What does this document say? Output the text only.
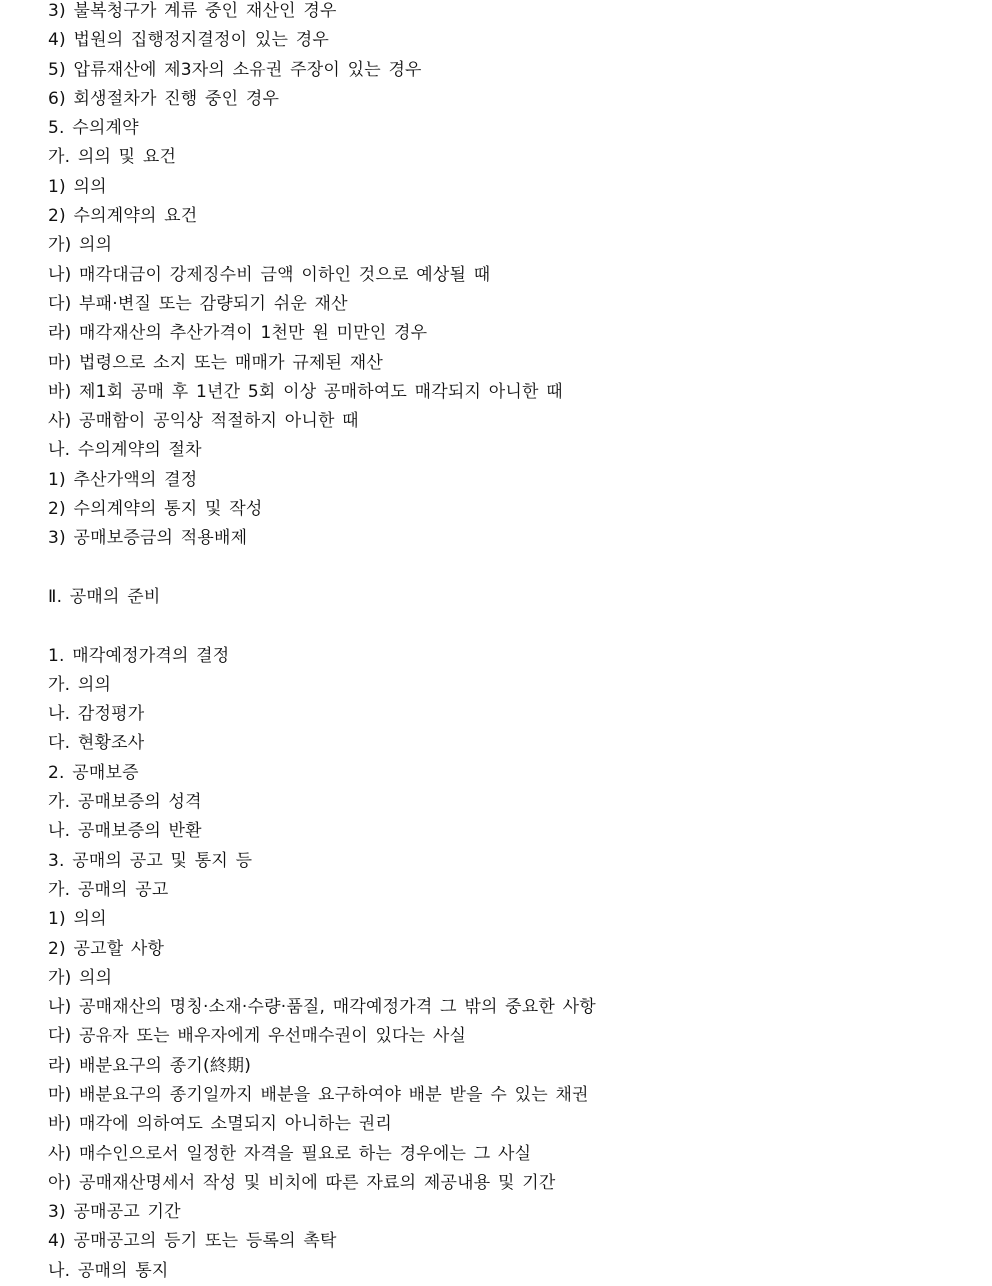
3) 불복청구가 계류 중인 재산인 경우
4) 법원의 집행정지결정이 있는 경우
5) 압류재산에 제3자의 소유권 주장이 있는 경우
6) 회생절차가 진행 중인 경우
5. 수의계약
가. 의의 및 요건
1) 의의
2) 수의계약의 요건
가) 의의
나) 매각대금이 강제징수비 금액 이하인 것으로 예상될 때
다) 부패·변질 또는 감량되기 쉬운 재산
라) 매각재산의 추산가격이 1천만 원 미만인 경우
마) 법령으로 소지 또는 매매가 규제된 재산
바) 제1회 공매 후 1년간 5회 이상 공매하여도 매각되지 아니한 때
사) 공매함이 공익상 적절하지 아니한 때
나. 수의계약의 절차
1) 추산가액의 결정
2) 수의계약의 통지 및 작성
3) 공매보증금의 적용배제
Ⅱ. 공매의 준비
1. 매각예정가격의 결정
가. 의의
나. 감정평가
다. 현황조사
2. 공매보증
가. 공매보증의 성격
나. 공매보증의 반환
3. 공매의 공고 및 통지 등
가. 공매의 공고
1) 의의
2) 공고할 사항
가) 의의
나) 공매재산의 명칭·소재·수량·품질, 매각예정가격 그 밖의 중요한 사항
다) 공유자 또는 배우자에게 우선매수권이 있다는 사실
라) 배분요구의 종기(終期)
마) 배분요구의 종기일까지 배분을 요구하여야 배분 받을 수 있는 채권
바) 매각에 의하여도 소멸되지 아니하는 권리
사) 매수인으로서 일정한 자격을 필요로 하는 경우에는 그 사실
아) 공매재산명세서 작성 및 비치에 따른 자료의 제공내용 및 기간
3) 공매공고 기간
4) 공매공고의 등기 또는 등록의 촉탁
나. 공매의 통지
